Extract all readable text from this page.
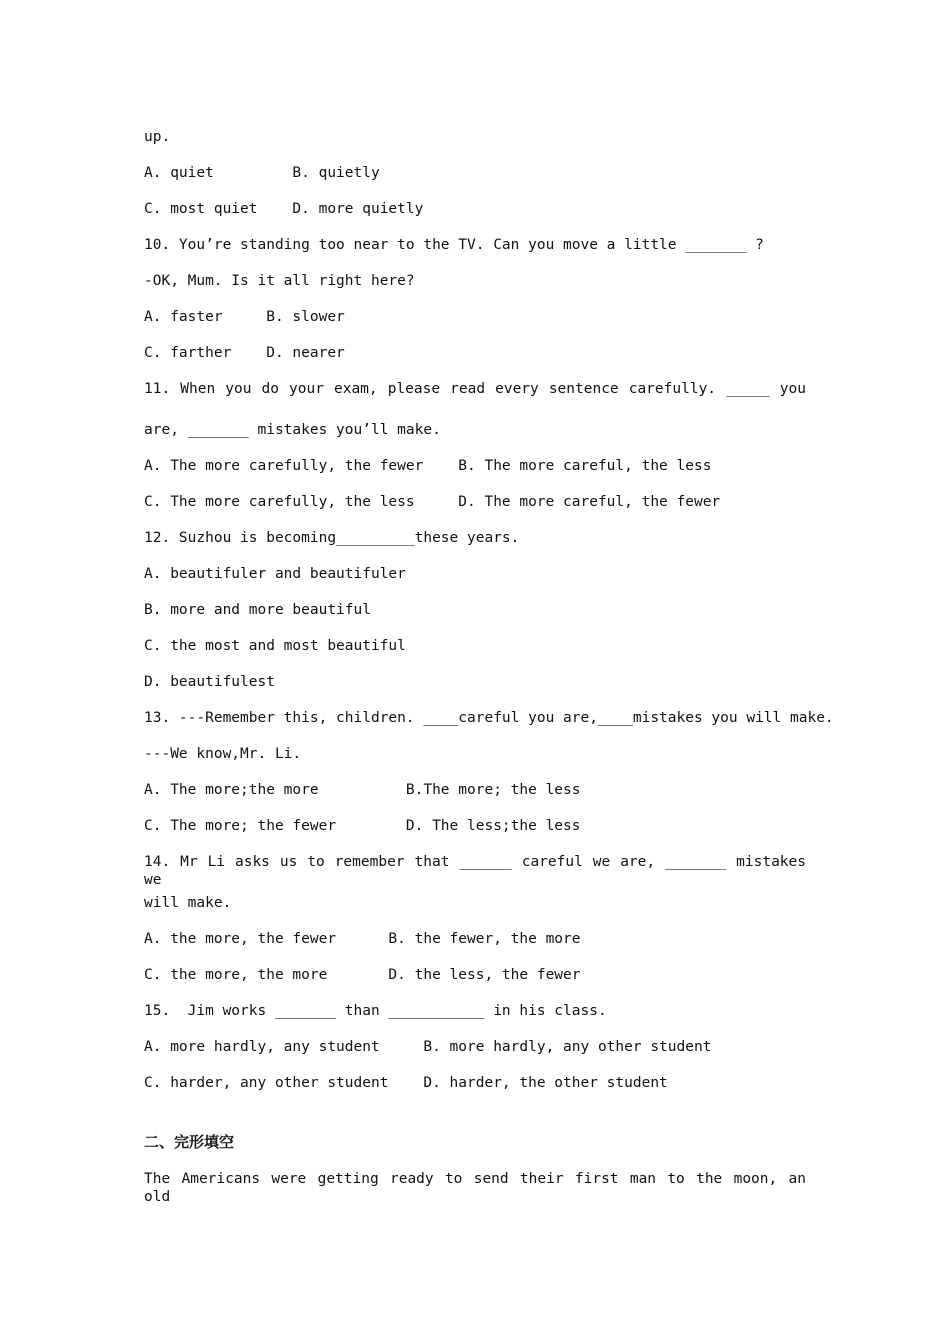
up.
A. quiet         B. quietly
C. most quiet    D. more quietly
10. You’re standing too near to the TV. Can you move a little _______ ?
-OK, Mum. Is it all right here?
A. faster     B. slower
C. farther    D. nearer
11. When you do your exam, please read every sentence carefully. _____ you
are, _______ mistakes you’ll make.
A. The more carefully, the fewer    B. The more careful, the less
C. The more carefully, the less     D. The more careful, the fewer
12. Suzhou is becoming_________these years.
A. beautifuler and beautifuler
B. more and more beautiful
C. the most and most beautiful
D. beautifulest
13. ---Remember this, children. ____careful you are,____mistakes you will make.
---We know,Mr. Li.
A. The more;the more          B.The more; the less
C. The more; the fewer        D. The less;the less
14. Mr Li asks us to remember that ______ careful we are, _______ mistakes we
will make.
A. the more, the fewer      B. the fewer, the more
C. the more, the more       D. the less, the fewer
15.  Jim works _______ than ___________ in his class.
A. more hardly, any student     B. more hardly, any other student
C. harder, any other student    D. harder, the other student
二、完形填空
The Americans were getting ready to send their first man to the moon, an old
